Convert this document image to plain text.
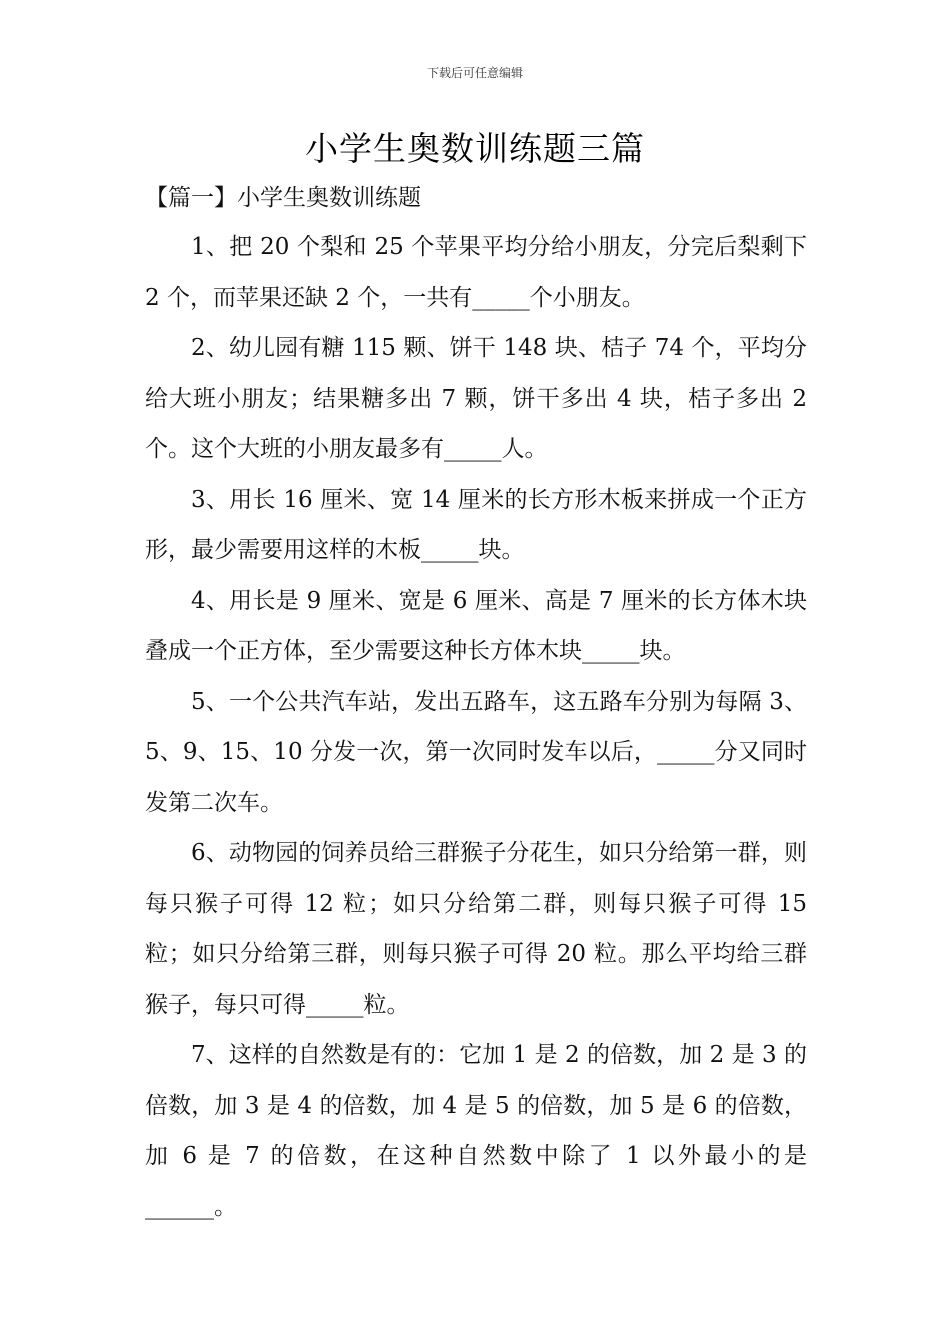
下载后可任意编辑
小学生奥数训练题三篇
【篇一】小学生奥数训练题

1、把 20 个梨和 25 个苹果平均分给小朋友，分完后梨剩下 2 个，而苹果还缺 2 个，一共有_____个小朋友。

2、幼儿园有糖 115 颗、饼干 148 块、桔子 74 个，平均分给大班小朋友；结果糖多出 7 颗，饼干多出 4 块，桔子多出 2 个。这个大班的小朋友最多有_____人。

3、用长 16 厘米、宽 14 厘米的长方形木板来拼成一个正方形，最少需要用这样的木板_____块。

4、用长是 9 厘米、宽是 6 厘米、高是 7 厘米的长方体木块叠成一个正方体，至少需要这种长方体木块_____块。

5、一个公共汽车站，发出五路车，这五路车分别为每隔 3、5、9、15、10 分发一次，第一次同时发车以后，_____分又同时发第二次车。

6、动物园的饲养员给三群猴子分花生，如只分给第一群，则每只猴子可得 12 粒；如只分给第二群，则每只猴子可得 15 粒；如只分给第三群，则每只猴子可得 20 粒。那么平均给三群猴子，每只可得_____粒。

7、这样的自然数是有的：它加 1 是 2 的倍数，加 2 是 3 的倍数，加 3 是 4 的倍数，加 4 是 5 的倍数，加 5 是 6 的倍数，加 6 是 7 的倍数，在这种自然数中除了 1 以外最小的是______。
